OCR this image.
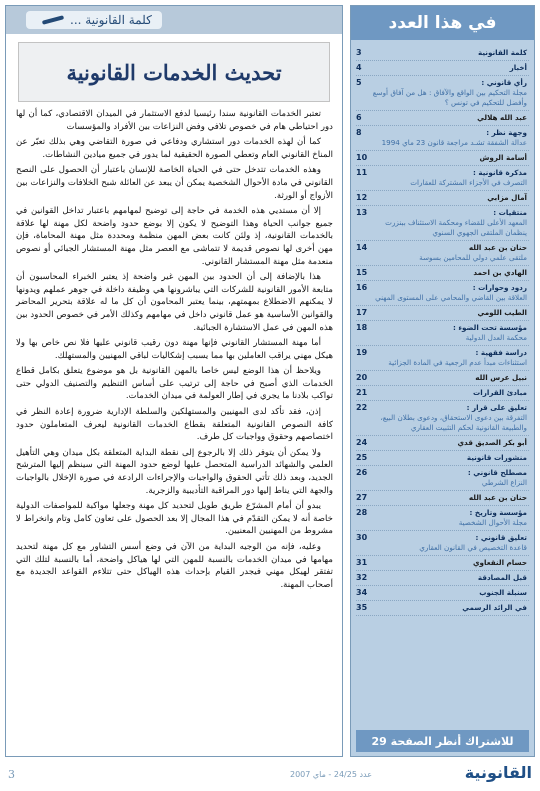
كلمة القانونية ...
تحديث الخدمات القانونية

تعتبر الخدمات القانونية سندا رئيسيا لدفع الاستثمار في الميدان الاقتصادي، كما أن لها دور احتياطي هام في خصوص تلافي وفض النزاعات بين الأفراد والمؤسسات

كما أن لهذه الخدمات دور استشاري ودفاعي في صورة التقاضي وهي بذلك تعبّر عن المناخ القانوني العام وتعطي الصورة الحقيقية لما يدور في جميع ميادين النشاطات.

وهذه الخدمات تتدخل حتى في الحياة الخاصة للإنسان باعتبار أن الحصول على النصح القانوني في مادة الأحوال الشخصية يمكن أن يبعد عن العائلة شبح الخلافات والنزاعات بين الأزواج أو الورثة.

إلا أن مستديي هذه الخدمة في حاجة إلى توضيح لمهامهم باعتبار تداخل القوانين في جميع جوانب الحياة وهذا التوضيح لا يكون إلا بوضع حدود واضحة لكل مهنة لها علاقة بالخدمات القانونية، إذ ولئن كانت بعض المهن منظمة ومحددة مثل مهنة المحاماة، فإن مهن أخرى لها نصوص قديمة لا تتماشى مع العصر مثل مهنة المستشار الجبائي أو نصوص منعدمة مثل مهنة المستشار القانوني.

هذا بالإضافة إلى أن الحدود بين المهن غير واضحة إذ يعتبر الخبراء المحاسبون أن متابعة الأمور القانونية للشركات التي يباشرونها هي وظيفة داخلة في جوهر عملهم ويدونها لا يمكنهم الاضطلاع بمهمتهم، بينما يعتبر المحامون أن كل ما له علاقة بتحرير المحاضر والقوانين الأساسية هو عمل قانوني داخل في مهامهم وكذلك الأمر في خصوص الحدود بين هذه المهن في عمل الاستشارة الجبائية.

أما مهنة المستشار القانوني فإنها مهنة دون رقيب قانوني عليها فلا نص خاص بها ولا هيكل مهني يراقب العاملين بها مما يسبب إشكاليات لباقي المهنيين والمستهلك.

ويلاحظ أن هذا الوضع ليس خاصا بالمهن القانونية بل هو موضوع يتعلق بكامل قطاع الخدمات الذي أصبح في حاجة إلى ترتيب على أساس التنظيم والتصنيف الدولي حتى تواكب بلادنا ما يجري في إطار العولمة في ميدان الخدمات.

إذن، فقد تأكد لدى المهنيين والمستهلكين والسلطة الإدارية ضرورة إعادة النظر في كافة النصوص القانونية المتعلقة بقطاع الخدمات القانونية ليعرف المتعاملون حدود اختصاصهم وحقوق وواجبات كل طرف.

ولا يمكن أن يتوفر ذلك إلا بالرجوع إلى نقطة البداية المتعلقة بكل ميدان وهي التأهيل العلمي والشهائد الدراسية المتحصل عليها لوضع حدود المهنة التي سينظم إليها المترشح الجديد، وبعد ذلك تأتي الحقوق والواجبات والإجراءات الرادعة في صورة الإخلال بالواجبات والجهة التي يناط إليها دور المراقبة التأديبية والزجرية.

يبدو أن أمام المشرّع طريق طويل لتحديد كل مهنة وجعلها مواكبة للمواصفات الدولية خاصة أنه لا يمكن التقدّم في هذا المجال إلا بعد الحصول على تعاون كامل وتام وانخراط لا مشروط من المهنيين المعنيين.

وعليه، فإنه من الوجيه البداية من الآن في وضع أسس التشاور مع كل مهنة لتحديد مهامها في ميدان الخدمات بالنسبة للمهن التي لها هياكل واضحة، أما بالنسبة لتلك التي تفتقر لهيكل مهني فيجدر القيام بإحداث هذه الهياكل حتى تتلاءم القواعد الجديدة مع أصحاب المهنة.

في هذا العدد
كلمة القانونية
3
أخبار
4
رأي قانوني :
مجلة التحكيم بين الواقع والآفاق : هل من آفاق أوسع وأفضل للتحكيم في تونس ؟
5
عبد الله هلالي
6
وجهة نظر :
عدالة الشفقة تشـد مراجعة قانون 23 ماي 1994
8
أسامة الروش
10
مذكرة قانونية :
التصرف في الأجزاء المشتركة للعقارات
11
آمال مزابي
12
منتقيات :
المعهد الأعلى للقضاء ومحكمة الاستئناف ببنزرت ينظمان الملتقى الجهوي السنوي
13
حنان بن عبد الله
ملتقى علمي دولي للمحامين بسوسة
14
الهادي بن احمد
15
ردود وحوارات :
العلاقة بين القاضي والمحامي على المستوى المهني
16
الطيب اللومي
17
مؤسسة تحت الضوء :
محكمة العدل الدولية
18
دراسة فقهية :
استثناءات مبدأ عدم الرجعية في المادة الجزائية
19
نبيل عرس الله
20
مبادئ القرارات
21
تعليق على قرار :
التفرقة بين دعوى الاستحقاق، ودعوى بطلان البيع، والطبيعة القانونية لحكم التثبيت العقاري
22
أبو بكر الصديق قدي
24
منشورات قانونية
25
مصطلح قانوني :
النزاع الشرطي
26
حنان بن عبد الله
27
مؤسسة وتاريخ :
مجلة الأحوال الشخصية
28
تعليق قانوني :
قاعدة التخصيص في القانون العقاري
30
حسام النقعاوي
31
قبل المصادقة
32
سنبلة الجنوب
34
في الرائد الرسمي
35
للاشتراك أنظر الصفحة 29
3	عدد 24/25 - ماي 2007	القانونية
